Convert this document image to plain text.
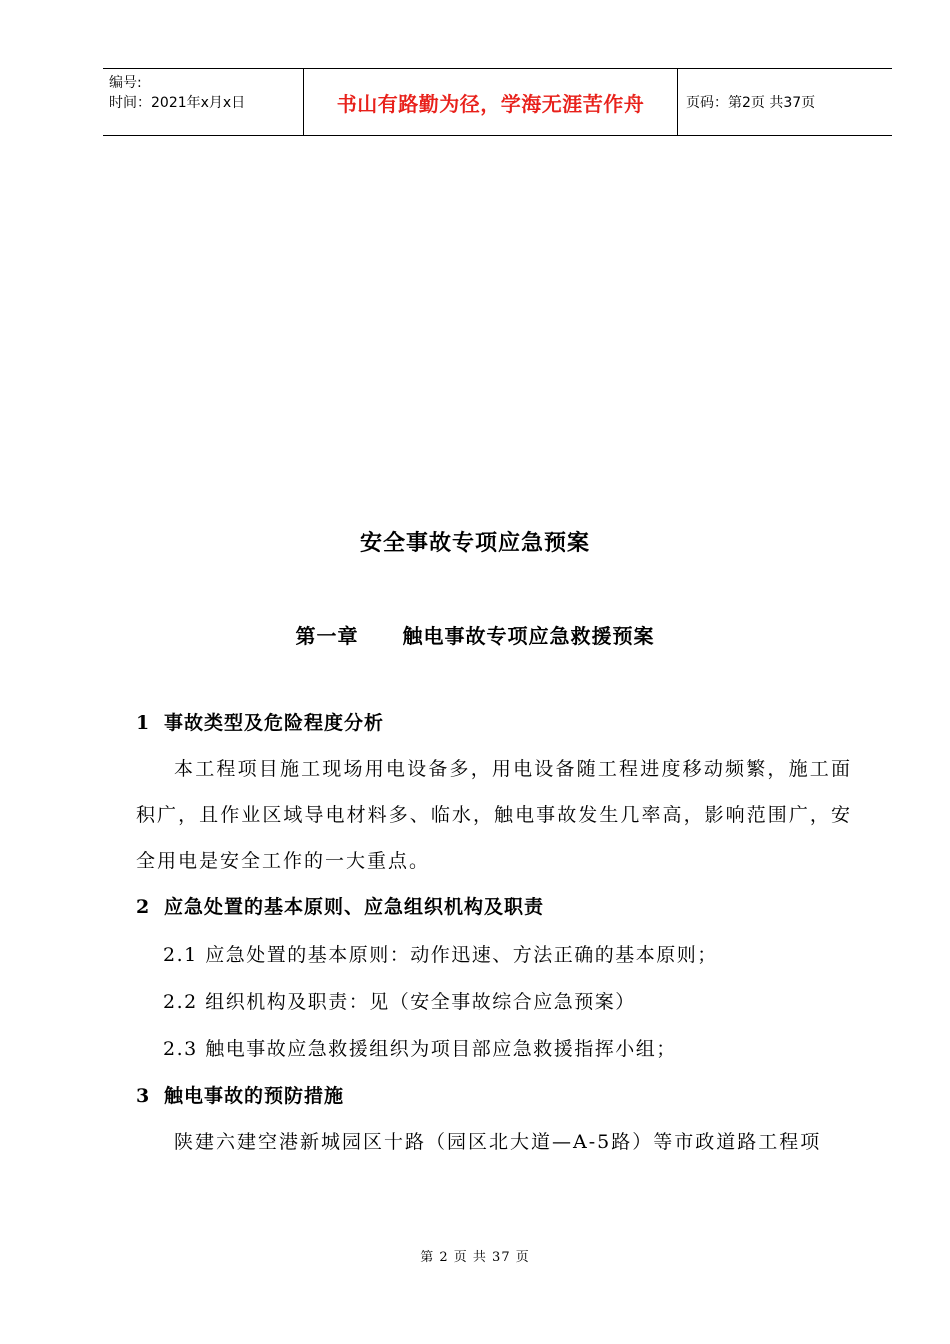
编号:
时间：2021年x月x日	书山有路勤为径，学海无涯苦作舟	页码：第2页 共37页
安全事故专项应急预案
第一章 触电事故专项应急救援预案

1 事故类型及危险程度分析

本工程项目施工现场用电设备多，用电设备随工程进度移动频繁，施工面积广，且作业区域导电材料多、临水，触电事故发生几率高，影响范围广，安全用电是安全工作的一大重点。

2 应急处置的基本原则、应急组织机构及职责

2.1 应急处置的基本原则：动作迅速、方法正确的基本原则；

2.2 组织机构及职责：见（安全事故综合应急预案）

2.3 触电事故应急救援组织为项目部应急救援指挥小组；

3 触电事故的预防措施

陕建六建空港新城园区十路（园区北大道—A-5路）等市政道路工程项

第 2 页 共 37 页
